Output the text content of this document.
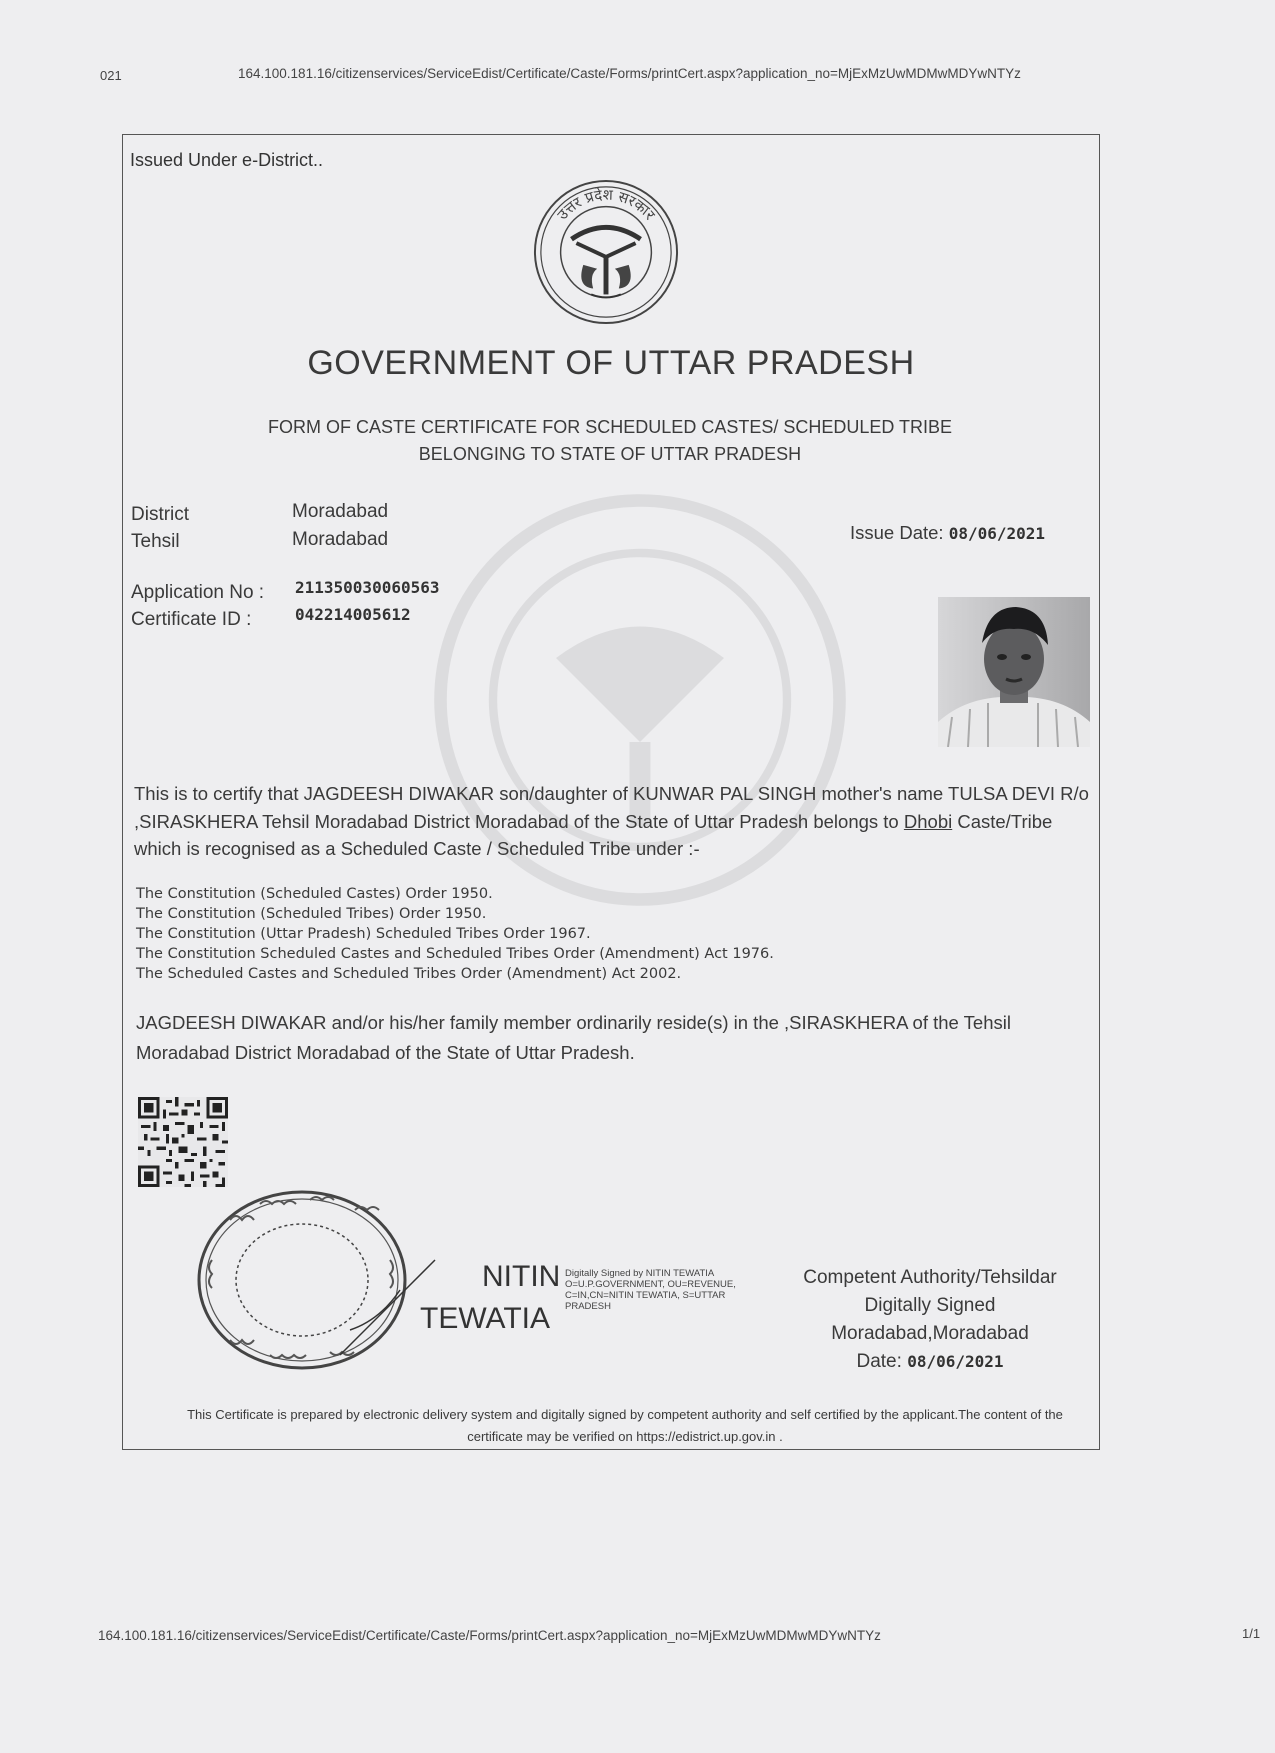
021	164.100.181.16/citizenservices/ServiceEdist/Certificate/Caste/Forms/printCert.aspx?application_no=MjExMzUwMDMwMDYwNTYz
164.100.181.16/citizenservices/ServiceEdist/Certificate/Caste/Forms/printCert.aspx?application_no=MjExMzUwMDMwMDYwNTYz	1/1
Issued Under e-District..
उत्तर प्रदेश सरकार
GOVERNMENT OF UTTAR PRADESH
FORM OF CASTE CERTIFICATE FOR SCHEDULED CASTES/ SCHEDULED TRIBE
BELONGING TO STATE OF UTTAR PRADESH
District	Moradabad
Tehsil	Moradabad	Issue Date: 08/06/2021
Application No : 211350030060563
Certificate ID :	042214005612
This is to certify that JAGDEESH DIWAKAR son/daughter of KUNWAR PAL SINGH mother's name TULSA DEVI R/o ,SIRASKHERA Tehsil Moradabad District Moradabad of the State of Uttar Pradesh belongs to Dhobi Caste/Tribe which is recognised as a Scheduled Caste / Scheduled Tribe under :-
The Constitution (Scheduled Castes) Order 1950.
The Constitution (Scheduled Tribes) Order 1950.
The Constitution (Uttar Pradesh) Scheduled Tribes Order 1967.
The Constitution Scheduled Castes and Scheduled Tribes Order (Amendment) Act 1976.
The Scheduled Castes and Scheduled Tribes Order (Amendment) Act 2002.
JAGDEESH DIWAKAR and/or his/her family member ordinarily reside(s) in the ,SIRASKHERA of the Tehsil Moradabad District Moradabad of the State of Uttar Pradesh.
NITIN
TEWATIA
Digitally Signed by NITIN TEWATIA O=U.P.GOVERNMENT, OU=REVENUE, C=IN,CN=NITIN TEWATIA, S=UTTAR PRADESH
Competent Authority/Tehsildar
Digitally Signed
Moradabad,Moradabad
Date: 08/06/2021
This Certificate is prepared by electronic delivery system and digitally signed by competent authority and self certified by the applicant.The content of the certificate may be verified on https://edistrict.up.gov.in .
